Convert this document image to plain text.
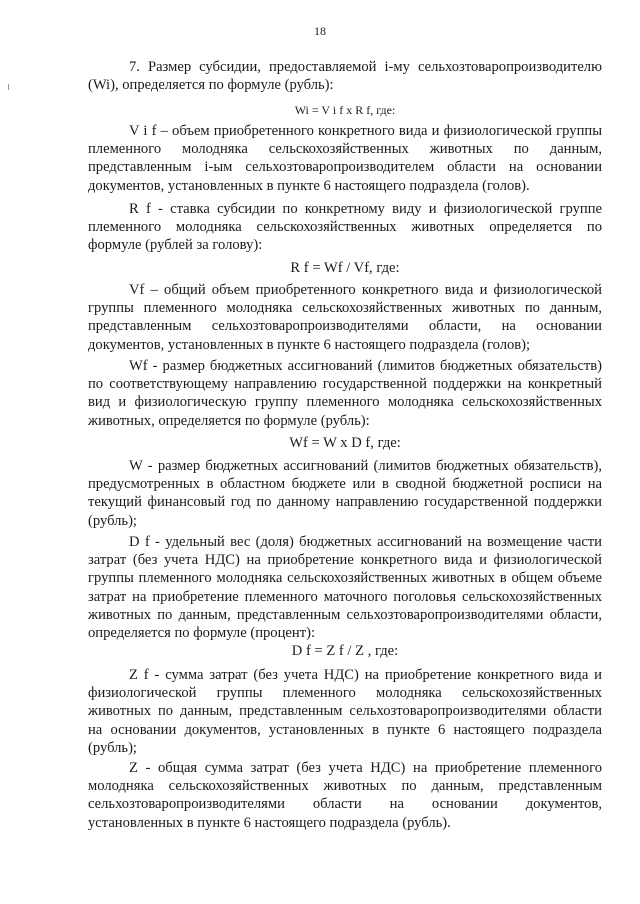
18

7. Размер субсидии, предоставляемой i-му сельхозтоваропроизводителю (Wi), определяется по формуле (рубль):

Wi = V i f x R f, где:

V i f – объем приобретенного конкретного вида и физиологической группы племенного молодняка сельскохозяйственных животных по данным, представленным i-ым сельхозтоваропроизводителем области на основании документов, установленных в пункте 6 настоящего подраздела (голов).

R f - ставка субсидии по конкретному виду и физиологической группе племенного молодняка сельскохозяйственных животных определяется по формуле (рублей за голову):

R f = Wf / Vf, где:

Vf – общий объем приобретенного конкретного вида и физиологической группы племенного молодняка сельскохозяйственных животных по данным, представленным сельхозтоваропроизводителями области, на основании документов, установленных в пункте 6 настоящего подраздела (голов);

Wf - размер бюджетных ассигнований (лимитов бюджетных обязательств) по соответствующему направлению государственной поддержки на конкретный вид и физиологическую группу племенного молодняка сельскохозяйственных животных, определяется по формуле (рубль):

Wf = W x D f, где:

W - размер бюджетных ассигнований (лимитов бюджетных обязательств), предусмотренных в областном бюджете или в сводной бюджетной росписи на текущий финансовый год по данному направлению государственной поддержки (рубль);

D f - удельный вес (доля) бюджетных ассигнований на возмещение части затрат (без учета НДС) на приобретение конкретного вида и физиологической группы племенного молодняка сельскохозяйственных животных в общем объеме затрат на приобретение племенного маточного поголовья сельскохозяйственных животных по данным, представленным сельхозтоваропроизводителями области, определяется по формуле (процент):

D f = Z f / Z , где:

Z f - сумма затрат (без учета НДС) на приобретение конкретного вида и физиологической группы племенного молодняка сельскохозяйственных животных по данным, представленным сельхозтоваропроизводителями области на основании документов, установленных в пункте 6 настоящего подраздела (рубль);

Z - общая сумма затрат (без учета НДС) на приобретение племенного молодняка сельскохозяйственных животных по данным, представленным сельхозтоваропроизводителями области на основании документов, установленных в пункте 6 настоящего подраздела (рубль).
